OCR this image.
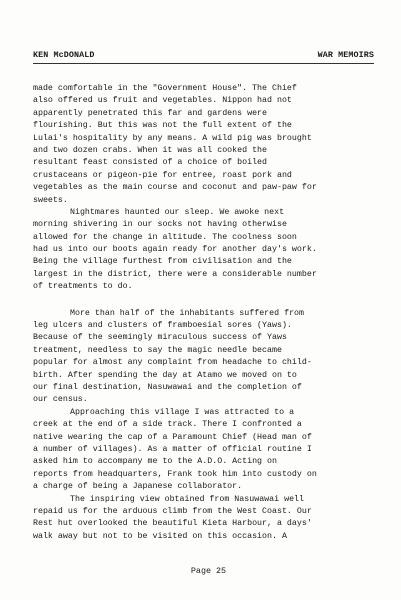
KEN McDONALD	WAR MEMOIRS
made comfortable in the "Government House". The Chief
also offered us fruit and vegetables. Nippon had not
apparently penetrated this far and gardens were
flourishing. But this was not the full extent of the
Lulai's hospitality by any means. A wild pig was brought
and two dozen crabs. When it was all cooked the
resultant feast consisted of a choice of boiled
crustaceans or pigeon-pie for entree, roast pork and
vegetables as the main course and coconut and paw-paw for
sweets.
Nightmares haunted our sleep. We awoke next
morning shivering in our socks not having otherwise
allowed for the change in altitude. The coolness soon
had us into our boots again ready for another day's work.
Being the village furthest from civilisation and the
largest in the district, there were a considerable number
of treatments to do.
More than half of the inhabitants suffered from
leg ulcers and clusters of framboesial sores (Yaws).
Because of the seemingly miraculous success of Yaws
treatment, needless to say the magic needle became
popular for almost any complaint from headache to child-
birth. After spending the day at Atamo we moved on to
our final destination, Nasuwawai and the completion of
our census.
Approaching this village I was attracted to a
creek at the end of a side track. There I confronted a
native wearing the cap of a Paramount Chief (Head man of
a number of villages). As a matter of official routine I
asked him to accompany me to the A.D.O. Acting on
reports from headquarters, Frank took him into custody on
a charge of being a Japanese collaborator.
The inspiring view obtained from Nasuwawai well
repaid us for the arduous climb from the West Coast. Our
Rest hut overlooked the beautiful Kieta Harbour, a days'
walk away but not to be visited on this occasion. A
Page 25
